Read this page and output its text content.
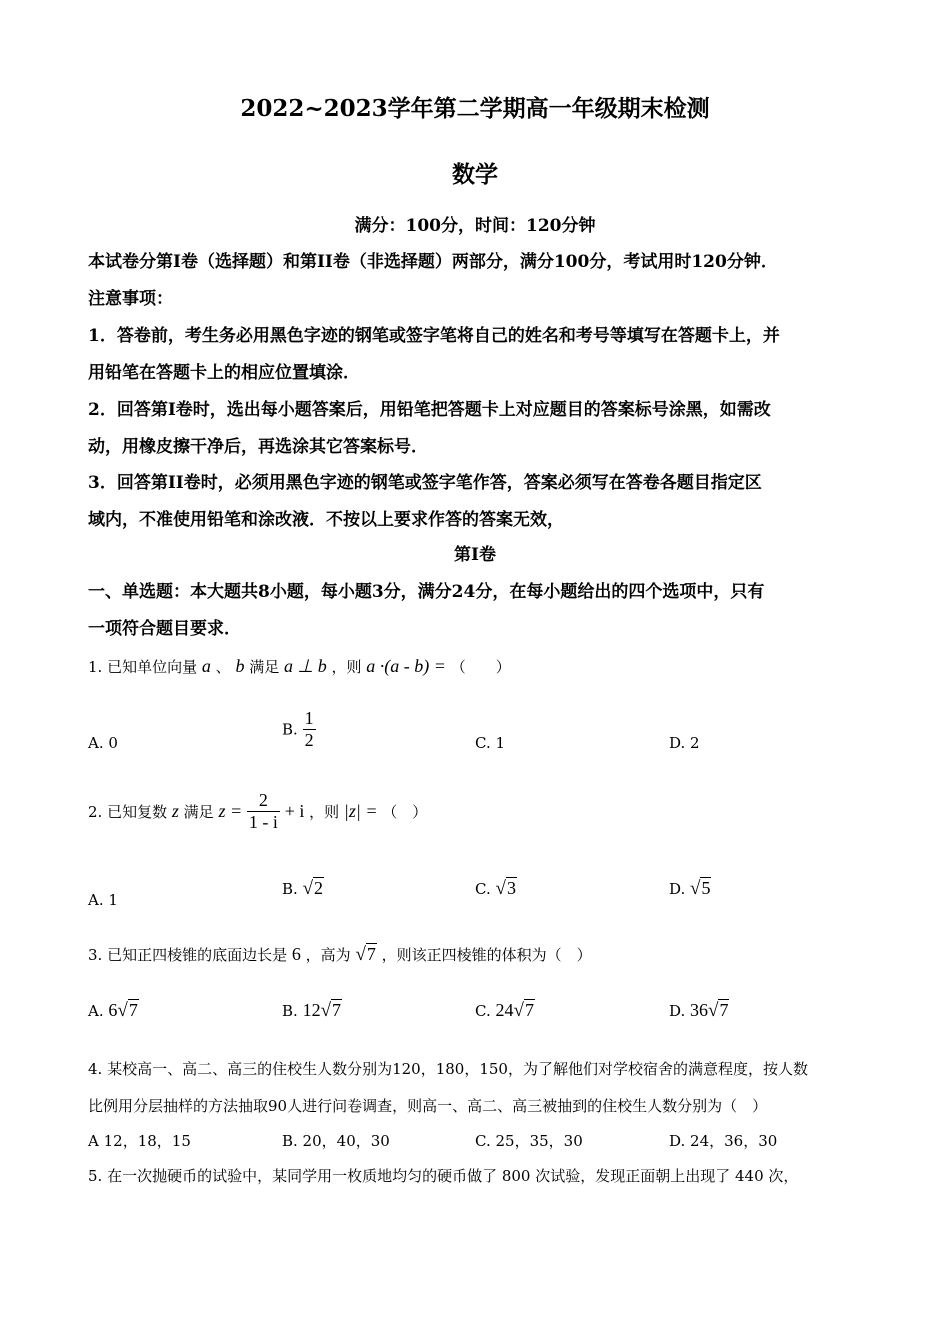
2022~2023学年第二学期高一年级期末检测
数学
满分：100分，时间：120分钟
本试卷分第I卷（选择题）和第II卷（非选择题）两部分，满分100分，考试用时120分钟．
注意事项：
1．答卷前，考生务必用黑色字迹的钢笔或签字笔将自己的姓名和考号等填写在答题卡上，并
用铅笔在答题卡上的相应位置填涂．
2．回答第I卷时，选出每小题答案后，用铅笔把答题卡上对应题目的答案标号涂黑，如需改
动，用橡皮擦干净后，再选涂其它答案标号．
3．回答第II卷时，必须用黑色字迹的钢笔或签字笔作答，答案必须写在答卷各题目指定区
域内，不准使用铅笔和涂改液．不按以上要求作答的答案无效，
第I卷
一、单选题：本大题共8小题，每小题3分，满分24分，在每小题给出的四个选项中，只有
一项符合题目要求．
1. 已知单位向量 a 、 b 满足 a ⊥ b ，则 a ·(a - b) = （　　）
A. 0
B. $\frac{1}{2}$	C. 1	D. 2
2. 已知复数 z 满足 $z = \frac{2}{1 - i} + i$ ，则 |z| = （　）
A. 1
B. √2	C. √3	D. √5
3. 已知正四棱锥的底面边长是 6 ，高为 √7 ，则该正四棱锥的体积为（　）
A. 6√7	B. 12√7	C. 24√7	D. 36√7
4. 某校高一、高二、高三的住校生人数分别为120，180，150，为了解他们对学校宿舍的满意程度，按人数
比例用分层抽样的方法抽取90人进行问卷调查，则高一、高二、高三被抽到的住校生人数分别为（　）
A 12，18，15	B. 20，40，30	C. 25，35，30	D. 24，36，30
5. 在一次抛硬币的试验中，某同学用一枚质地均匀的硬币做了 800 次试验，发现正面朝上出现了 440 次，
